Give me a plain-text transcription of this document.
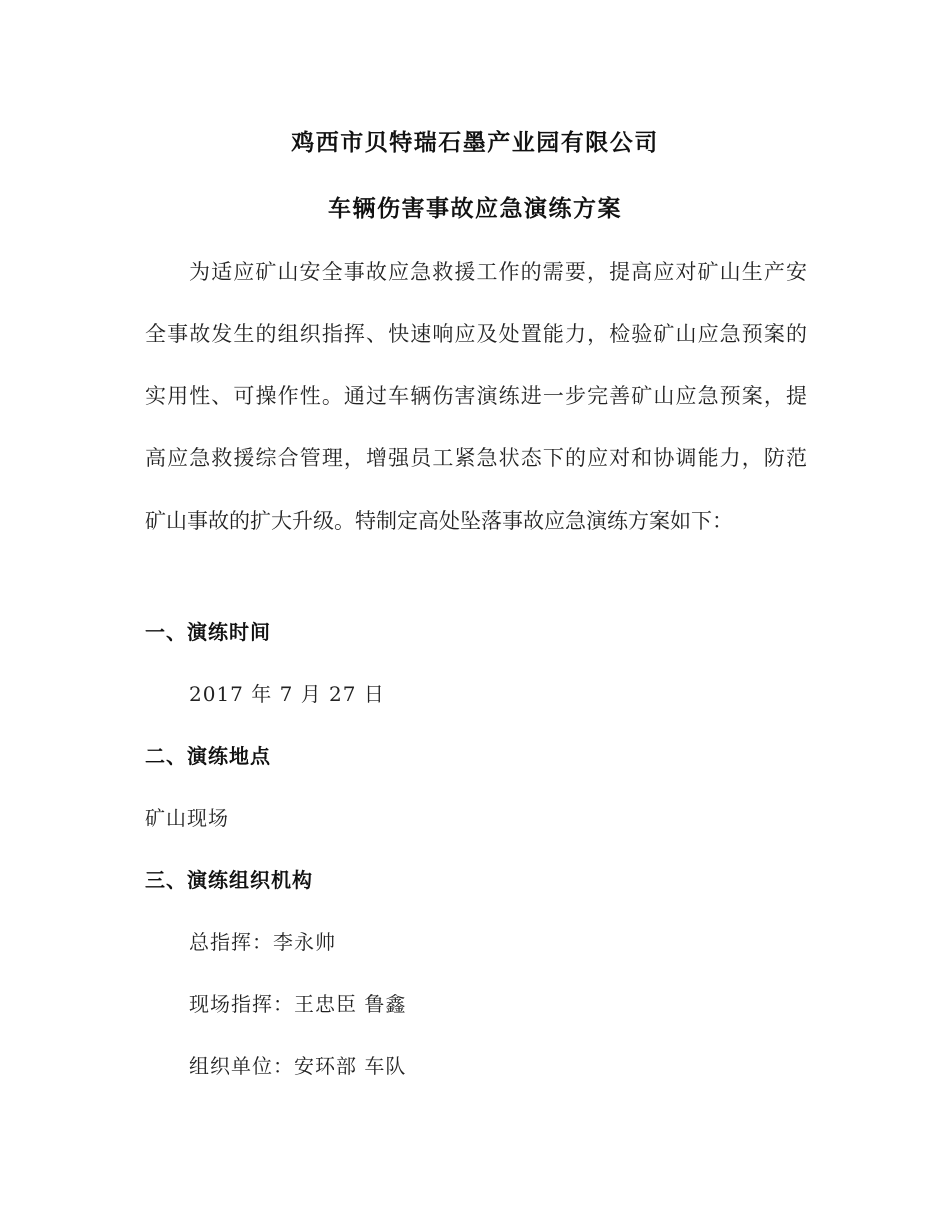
鸡西市贝特瑞石墨产业园有限公司
车辆伤害事故应急演练方案
为适应矿山安全事故应急救援工作的需要，提高应对矿山生产安
全事故发生的组织指挥、快速响应及处置能力，检验矿山应急预案的
实用性、可操作性。通过车辆伤害演练进一步完善矿山应急预案，提
高应急救援综合管理，增强员工紧急状态下的应对和协调能力，防范
矿山事故的扩大升级。特制定高处坠落事故应急演练方案如下：
一、演练时间
2017 年 7 月 27 日
二、演练地点
矿山现场
三、演练组织机构
总指挥：李永帅
现场指挥：王忠臣 鲁鑫
组织单位：安环部 车队
